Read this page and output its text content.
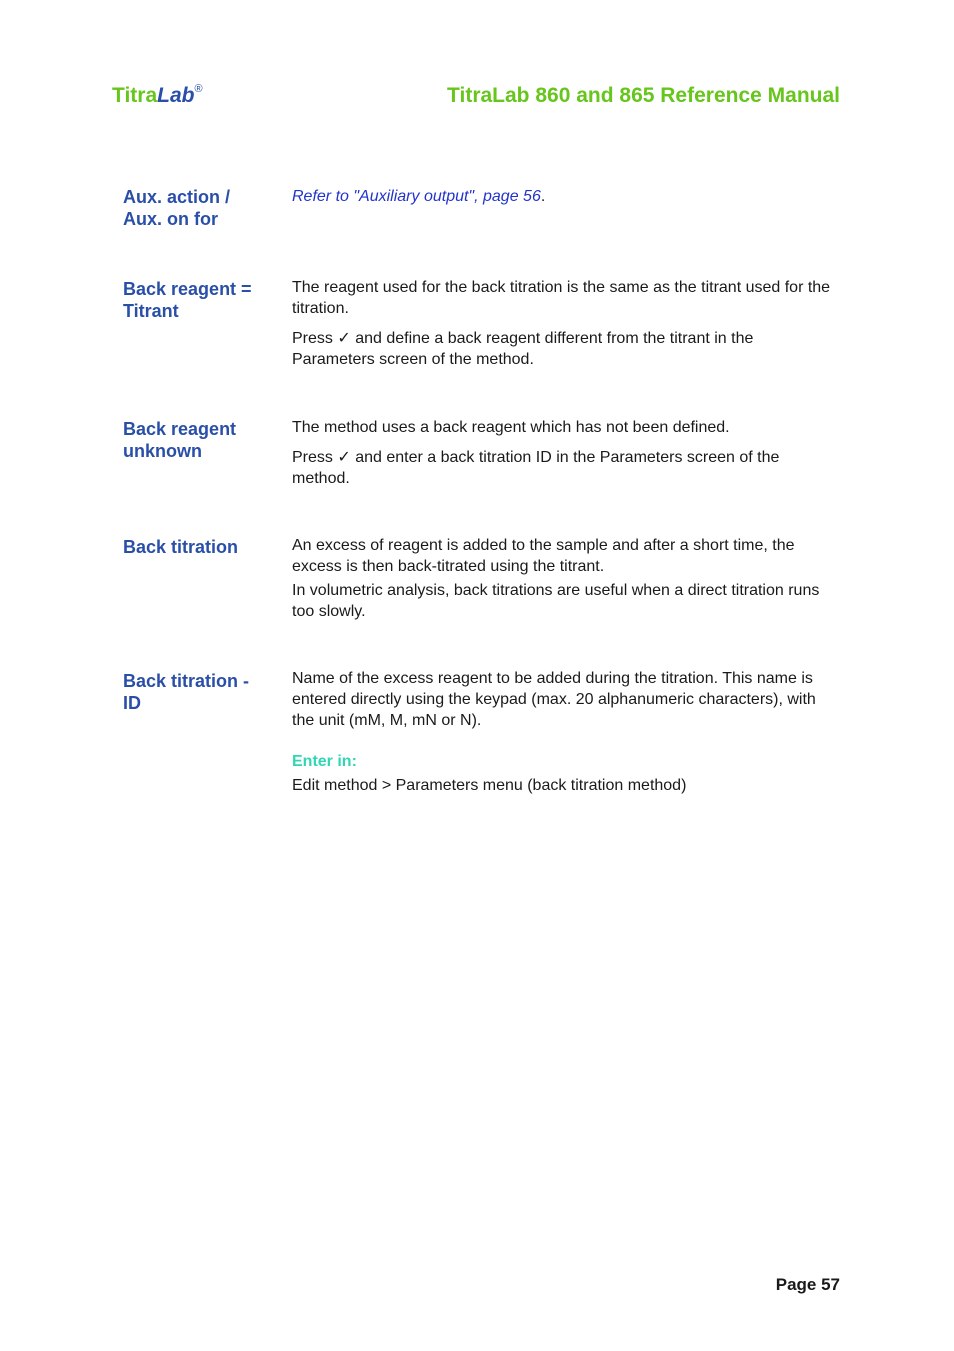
TitraLab®	TitraLab 860 and 865 Reference Manual
Aux. action /
Aux. on for

Refer to "Auxiliary output", page 56.

Back reagent =
Titrant

The reagent used for the back titration is the same as the titrant used for the titration.

Press ✓ and define a back reagent different from the titrant in the Parameters screen of the method.

Back reagent
unknown

The method uses a back reagent which has not been defined.

Press ✓ and enter a back titration ID in the Parameters screen of the method.

Back titration	An excess of reagent is added to the sample and after a short time, the excess is then back-titrated using the titrant.

In volumetric analysis, back titrations are useful when a direct titration runs too slowly.

Back titration -
ID

Name of the excess reagent to be added during the titration. This name is entered directly using the keypad (max. 20 alphanumeric characters), with the unit (mM, M, mN or N).

Enter in:

Edit method > Parameters menu (back titration method)

Page 57
